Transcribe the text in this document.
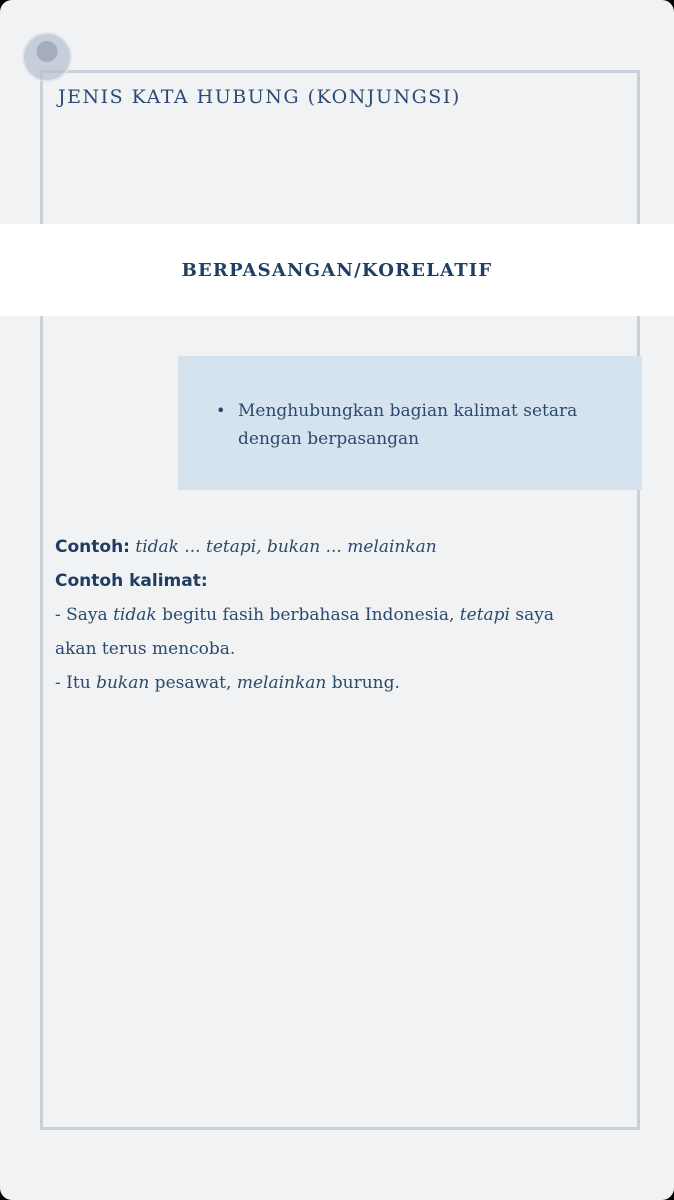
JENIS KATA HUBUNG (KONJUNGSI)
BERPASANGAN/KORELATIF
• Menghubungkan bagian kalimat setara dengan berpasangan

Contoh: tidak ... tetapi, bukan ... melainkan

Contoh kalimat:

- Saya tidak begitu fasih berbahasa Indonesia, tetapi saya

akan terus mencoba.

- Itu bukan pesawat, melainkan burung.
